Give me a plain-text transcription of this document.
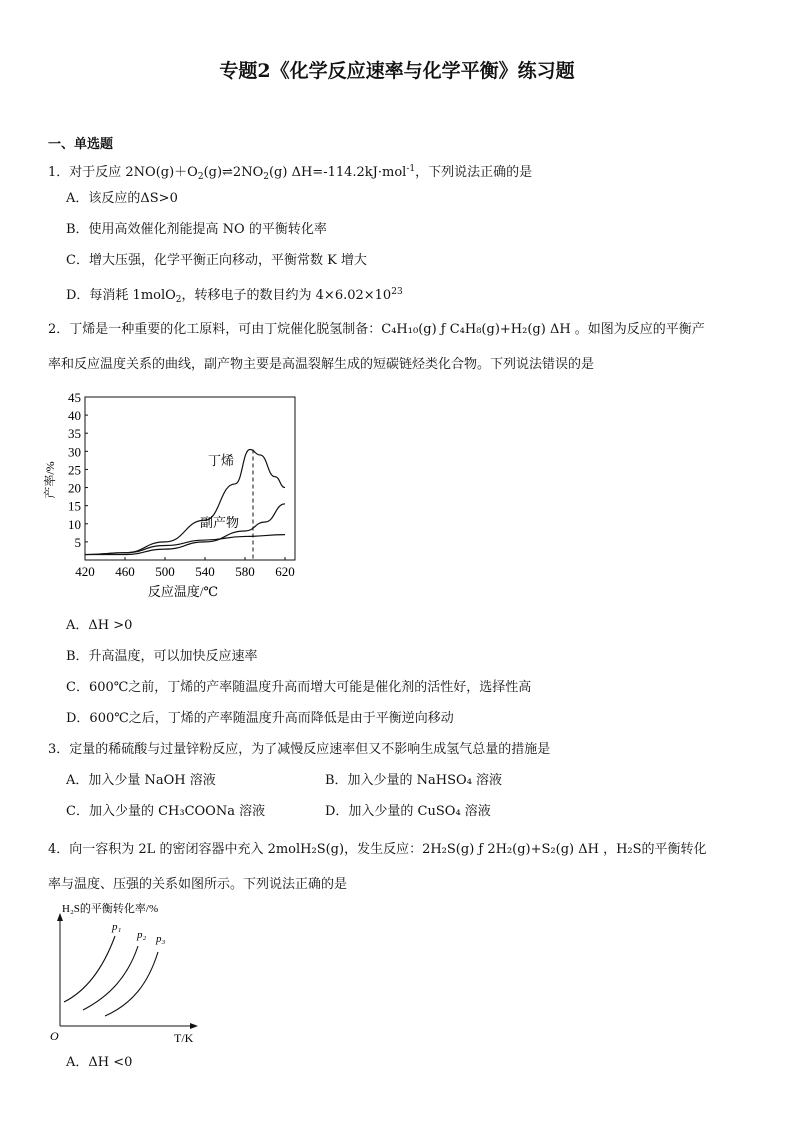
专题2《化学反应速率与化学平衡》练习题
一、单选题
1．对于反应 $2NO(g)+O_2(g)\rightleftharpoons 2NO_2(g)$ ΔH=-114.2kJ·mol$^{-1}$，下列说法正确的是
A．该反应的ΔS>0
B．使用高效催化剂能提高 NO 的平衡转化率
C．增大压强，化学平衡正向移动，平衡常数 K 增大
D．每消耗 1molO$_2$，转移电子的数目约为 $4\times 6.02\times 10^{23}$
2．丁烯是一种重要的化工原料，可由丁烷催化脱氢制备：C₄H₁₀(g) ƒ C₄H₈(g)+H₂(g) ΔH 。如图为反应的平衡产
率和反应温度关系的曲线，副产物主要是高温裂解生成的短碳链烃类化合物。下列说法错误的是
产率/%
反应温度/℃
丁烯
副产物
420 460 500 540 580 620
5
10
15
20
25
30
35
40
45
A．ΔH >0
B．升高温度，可以加快反应速率
C．600℃之前，丁烯的产率随温度升高而增大可能是催化剂的活性好，选择性高
D．600℃之后，丁烯的产率随温度升高而降低是由于平衡逆向移动
3．定量的稀硫酸与过量锌粉反应，为了减慢反应速率但又不影响生成氢气总量的措施是
A．加入少量 NaOH 溶液	B．加入少量的 NaHSO₄ 溶液
C．加入少量的 CH₃COONa 溶液	D．加入少量的 CuSO₄ 溶液
4．向一容积为 2L 的密闭容器中充入 2molH₂S(g)，发生反应：2H₂S(g) ƒ 2H₂(g)+S₂(g) ΔH ，H₂S的平衡转化
率与温度、压强的关系如图所示。下列说法正确的是
H₂S的平衡转化率/%
O	T/K
p₁
p₂ p₃
A．ΔH <0
